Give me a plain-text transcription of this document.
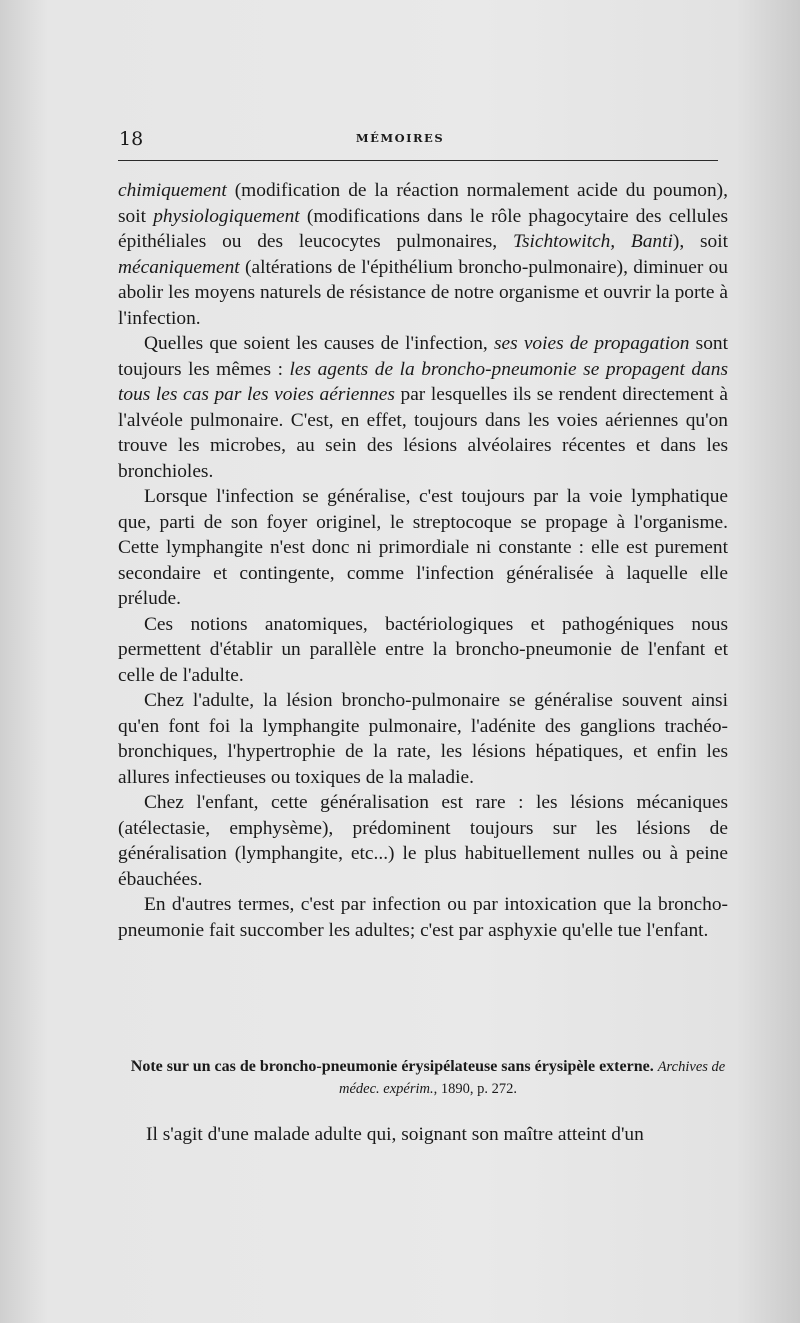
18	MÉMOIRES

chimiquement (modification de la réaction normalement acide du poumon), soit physiologiquement (modifications dans le rôle phagocytaire des cellules épithéliales ou des leucocytes pulmonaires, Tsichtowitch, Banti), soit mécaniquement (altérations de l'épithélium broncho-pulmonaire), diminuer ou abolir les moyens naturels de résistance de notre organisme et ouvrir la porte à l'infection.

Quelles que soient les causes de l'infection, ses voies de propagation sont toujours les mêmes : les agents de la broncho-pneumonie se propagent dans tous les cas par les voies aériennes par lesquelles ils se rendent directement à l'alvéole pulmonaire. C'est, en effet, toujours dans les voies aériennes qu'on trouve les microbes, au sein des lésions alvéolaires récentes et dans les bronchioles.

Lorsque l'infection se généralise, c'est toujours par la voie lymphatique que, parti de son foyer originel, le streptocoque se propage à l'organisme. Cette lymphangite n'est donc ni primordiale ni constante : elle est purement secondaire et contingente, comme l'infection généralisée à laquelle elle prélude.

Ces notions anatomiques, bactériologiques et pathogéniques nous permettent d'établir un parallèle entre la broncho-pneumonie de l'enfant et celle de l'adulte.

Chez l'adulte, la lésion broncho-pulmonaire se généralise souvent ainsi qu'en font foi la lymphangite pulmonaire, l'adénite des ganglions trachéo-bronchiques, l'hypertrophie de la rate, les lésions hépatiques, et enfin les allures infectieuses ou toxiques de la maladie.

Chez l'enfant, cette généralisation est rare : les lésions mécaniques (atélectasie, emphysème), prédominent toujours sur les lésions de généralisation (lymphangite, etc...) le plus habituellement nulles ou à peine ébauchées.

En d'autres termes, c'est par infection ou par intoxication que la broncho-pneumonie fait succomber les adultes; c'est par asphyxie qu'elle tue l'enfant.

Note sur un cas de broncho-pneumonie érysipélateuse sans érysipèle externe. Archives de médec. expérim., 1890, p. 272.
Il s'agit d'une malade adulte qui, soignant son maître atteint d'un
